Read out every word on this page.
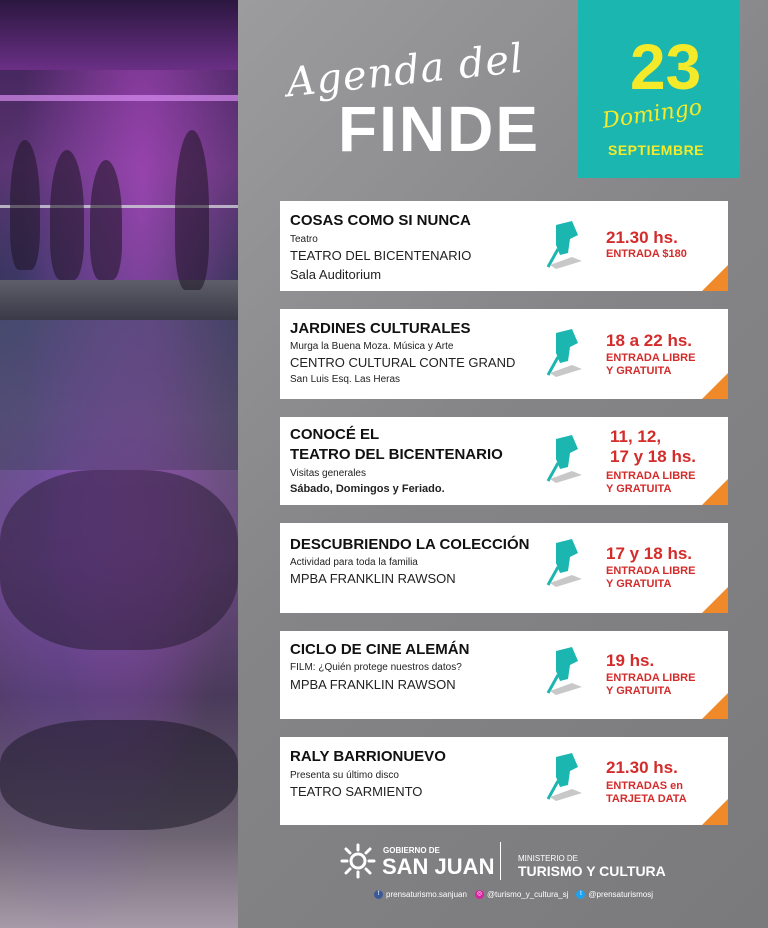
Agenda del
FINDE
23
Domingo
SEPTIEMBRE
COSAS COMO SI NUNCA
Teatro
TEATRO DEL BICENTENARIO
Sala Auditorium
21.30 hs.
ENTRADA $180
JARDINES CULTURALES
Murga la Buena Moza. Música y Arte
CENTRO CULTURAL CONTE GRAND
San Luis Esq. Las Heras
18 a 22 hs.
ENTRADA LIBRE
Y GRATUITA
CONOCÉ EL
TEATRO DEL BICENTENARIO
Visitas generales
Sábado, Domingos y Feriado.
11, 12,
17 y 18 hs.
ENTRADA LIBRE
Y GRATUITA
DESCUBRIENDO LA COLECCIÓN
Actividad para toda la familia
MPBA FRANKLIN RAWSON
17 y 18 hs.
ENTRADA LIBRE
Y GRATUITA
CICLO DE CINE ALEMÁN
FILM: ¿Quién protege nuestros datos?
MPBA FRANKLIN RAWSON
19 hs.
ENTRADA LIBRE
Y GRATUITA
RALY BARRIONUEVO
Presenta su último disco
TEATRO SARMIENTO
21.30 hs.
ENTRADAS en
TARJETA DATA
GOBIERNO DE
SAN JUAN	MINISTERIO DE
TURISMO Y CULTURA
f prensaturismo.sanjuan	◎ @turismo_y_cultura_sj	t @prensaturismosj
